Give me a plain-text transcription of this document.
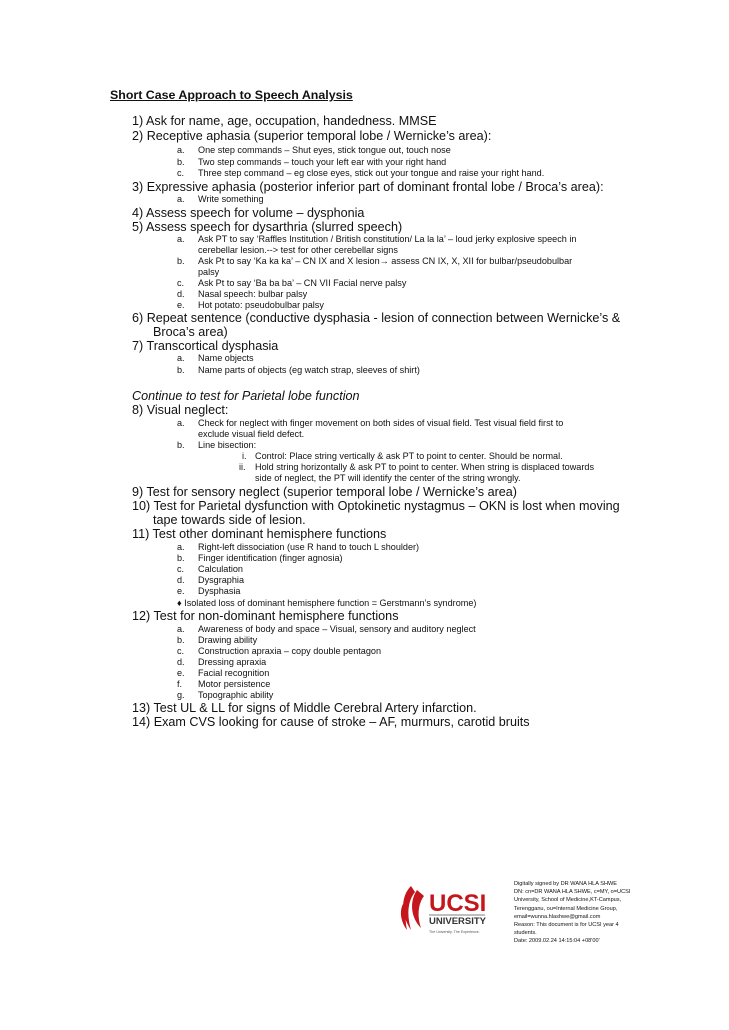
Short Case Approach to Speech Analysis
1) Ask for name, age, occupation, handedness. MMSE
2) Receptive aphasia (superior temporal lobe / Wernicke’s area):
a. One step commands – Shut eyes, stick tongue out, touch nose
b. Two step commands – touch your left ear with your right hand
c. Three step command – eg close eyes, stick out your tongue and raise your right hand.
3) Expressive aphasia (posterior inferior part of dominant frontal lobe / Broca’s area):
a. Write something
4) Assess speech for volume – dysphonia
5) Assess speech for dysarthria (slurred speech)
a. Ask PT to say ‘Raffles Institution / British constitution/ La la la’ – loud jerky explosive speech in
cerebellar lesion.--> test for other cerebellar signs
b. Ask Pt to say ‘Ka ka ka’ – CN IX and X lesion→ assess CN IX, X, XII for bulbar/pseudobulbar
palsy
c. Ask Pt to say ‘Ba ba ba’ – CN VII Facial nerve palsy
d. Nasal speech: bulbar palsy
e. Hot potato: pseudobulbar palsy
6) Repeat sentence (conductive dysphasia - lesion of connection between Wernicke’s &
Broca’s area)
7) Transcortical dysphasia
a. Name objects
b. Name parts of objects (eg watch strap, sleeves of shirt)
Continue to test for Parietal lobe function
8) Visual neglect:
a. Check for neglect with finger movement on both sides of visual field. Test visual field first to
exclude visual field defect.
b. Line bisection:
i. Control: Place string vertically & ask PT to point to center. Should be normal.
ii. Hold string horizontally & ask PT to point to center. When string is displaced towards
side of neglect, the PT will identify the center of the string wrongly.
9) Test for sensory neglect (superior temporal lobe / Wernicke’s area)
10) Test for Parietal dysfunction with Optokinetic nystagmus – OKN is lost when moving
tape towards side of lesion.
11) Test other dominant hemisphere functions
a. Right-left dissociation (use R hand to touch L shoulder)
b. Finger identification (finger agnosia)
c. Calculation
d. Dysgraphia
e. Dysphasia
♦ Isolated loss of dominant hemisphere function = Gerstmann’s syndrome)
12) Test for non-dominant hemisphere functions
a. Awareness of body and space – Visual, sensory and auditory neglect
b. Drawing ability
c. Construction apraxia – copy double pentagon
d. Dressing apraxia
e. Facial recognition
f. Motor persistence
g. Topographic ability
13) Test UL & LL for signs of Middle Cerebral Artery infarction.
14) Exam CVS looking for cause of stroke – AF, murmurs, carotid bruits
UCSI
UNIVERSITY
The University. The Experience.
Digitally signed by DR WANA HLA SHWE
DN: cn=DR WANA HLA SHWE, c=MY, o=UCSI
University, School of Medicine,KT-Campus,
Terengganu, ou=Internal Medicine Group,
email=wunna.hlashwe@gmail.com
Reason: This document is for UCSI year 4
students.
Date: 2009.02.24 14:15:04 +08'00'
